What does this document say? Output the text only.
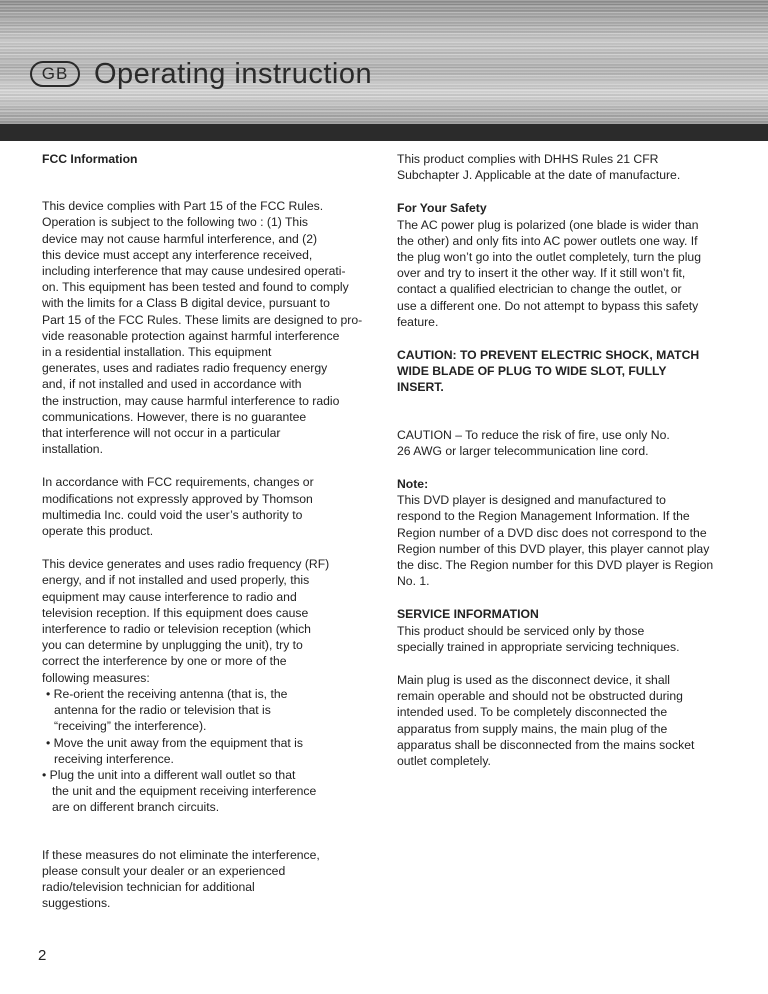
GB Operating instruction

FCC Information

This device complies with Part 15 of the FCC Rules.

Operation is subject to the following two : (1) This

device may not cause harmful interference, and (2)

this device must accept any interference received,

including interference that may cause undesired operati-

on. This equipment has been tested and found to comply

with the limits for a Class B digital device, pursuant to

Part 15 of the FCC Rules. These limits are designed to pro-

vide reasonable protection against harmful interference

in a residential installation. This equipment

generates, uses and radiates radio frequency energy

and, if not installed and used in accordance with

the instruction, may cause harmful interference to radio

communications. However, there is no guarantee

that interference will not occur in a particular

installation.

In accordance with FCC requirements, changes or

modifications not expressly approved by Thomson

multimedia Inc. could void the user’s authority to

operate this product.

This device generates and uses radio frequency (RF)

energy, and if not installed and used properly, this

equipment may cause interference to radio and

television reception. If this equipment does cause

interference to radio or television reception (which

you can determine by unplugging the unit), try to

correct the interference by one or more of the

following measures:

• Re-orient the receiving antenna (that is, the

antenna for the radio or television that is

“receiving” the interference).

• Move the unit away from the equipment that is

receiving interference.

• Plug the unit into a different wall outlet so that

the unit and the equipment receiving interference

are on different branch circuits.

If these measures do not eliminate the interference,

please consult your dealer or an experienced

radio/television technician for additional

suggestions.

This product complies with DHHS Rules 21 CFR

Subchapter J. Applicable at the date of manufacture.

For Your Safety

The AC power plug is polarized (one blade is wider than

the other) and only fits into AC power outlets one way. If

the plug won’t go into the outlet completely, turn the plug

over and try to insert it the other way. If it still won’t fit,

contact a qualified electrician to change the outlet, or

use a different one. Do not attempt to bypass this safety

feature.

CAUTION: TO PREVENT ELECTRIC SHOCK, MATCH

WIDE BLADE OF PLUG TO WIDE SLOT, FULLY

INSERT.

CAUTION – To reduce the risk of fire, use only No.

26 AWG or larger telecommunication line cord.

Note:

This DVD player is designed and manufactured to

respond to the Region Management Information. If the

Region number of a DVD disc does not correspond to the

Region number of this DVD player, this player cannot play

the disc. The Region number for this DVD player is Region

No. 1.

SERVICE INFORMATION

This product should be serviced only by those

specially trained in appropriate servicing techniques.

Main plug is used as the disconnect device, it shall

remain operable and should not be obstructed during

intended used. To be completely disconnected the

apparatus from supply mains, the main plug of the

apparatus shall be disconnected from the mains socket

outlet completely.

2
